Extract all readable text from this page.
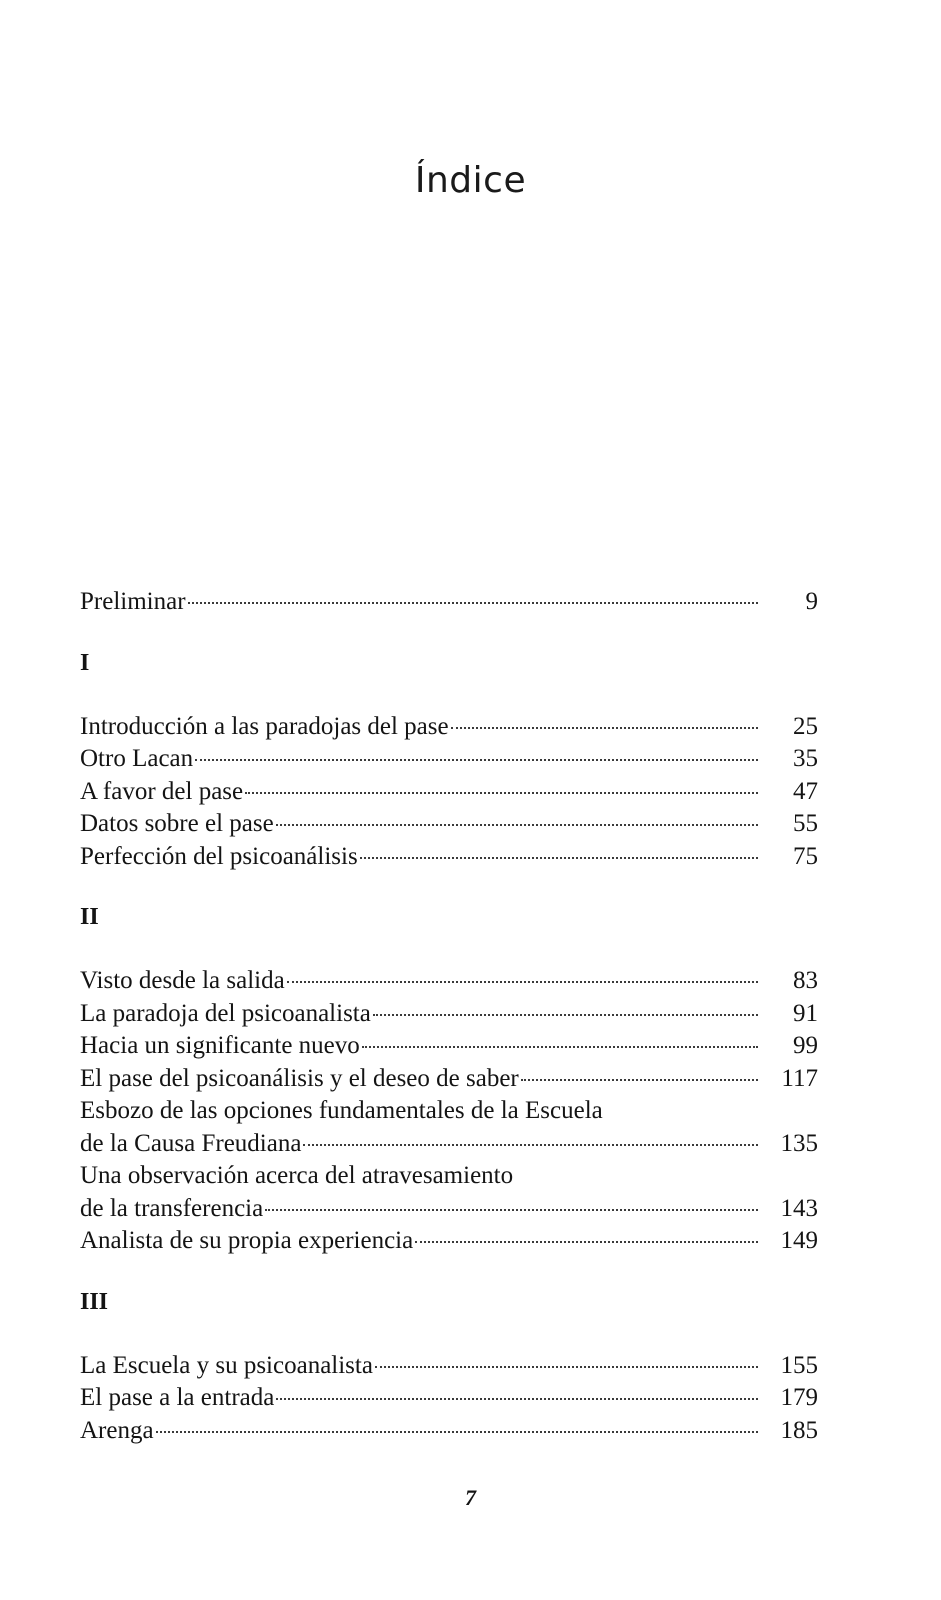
Índice
Preliminar	9
I
Introducción a las paradojas del pase	25
Otro Lacan	35
A favor del pase	47
Datos sobre el pase	55
Perfección del psicoanálisis	75
II
Visto desde la salida	83
La paradoja del psicoanalista	91
Hacia un significante nuevo	99
El pase del psicoanálisis y el deseo de saber	117
Esbozo de las opciones fundamentales de la Escuela
de la Causa Freudiana	135
Una observación acerca del atravesamiento
de la transferencia	143
Analista de su propia experiencia	149
III
La Escuela y su psicoanalista	155
El pase a la entrada	179
Arenga	185
7
